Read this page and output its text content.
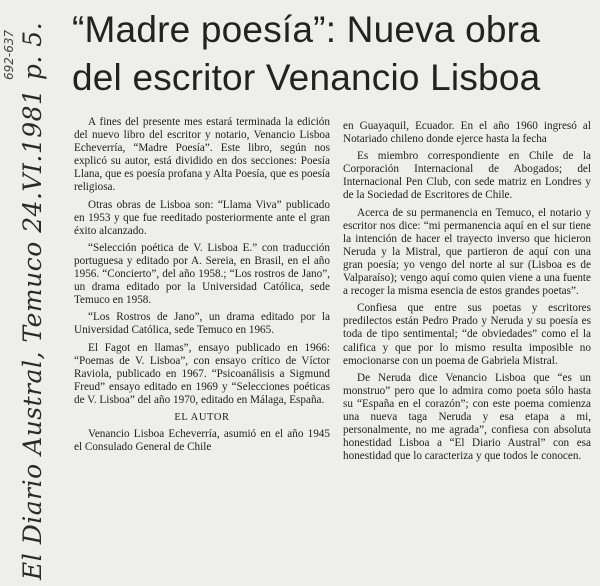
692-637 El Diario Austral, Temuco 24.VI.1981 p. 5. “Madre poesía”: Nueva obra
del escritor Venancio Lisboa

A fines del presente mes estará terminada la edición del nuevo libro del escritor y notario, Venancio Lisboa Echeverría, “Madre Poesía”. Este libro, según nos explicó su autor, está dividido en dos secciones: Poesía Llana, que es poesía profana y Alta Poesía, que es poesía religiosa.

Otras obras de Lisboa son: “Llama Viva” publicado en 1953 y que fue reeditado posteriormente ante el gran éxito alcanzado.

“Selección poética de V. Lisboa E.” con traducción portuguesa y editado por A. Sereia, en Brasil, en el año 1956. “Concierto”, del año 1958.; “Los rostros de Jano”, un drama editado por la Universidad Católica, sede Temuco en 1958.

“Los Rostros de Jano”, un drama editado por la Universidad Católica, sede Temuco en 1965.

El Fagot en llamas”, ensayo publicado en 1966: “Poemas de V. Lisboa”, con ensayo crítico de Víctor Raviola, publicado en 1967. “Psicoanálisis a Sigmund Freud” ensayo editado en 1969 y “Selecciones poéticas de V. Lisboa” del año 1970, editado en Málaga, España.

EL AUTOR

Venancio Lisboa Echeverría, asumió en el año 1945 el Consulado General de Chile

en Guayaquil, Ecuador. En el año 1960 ingresó al Notariado chileno donde ejerce hasta la fecha

Es miembro correspondiente en Chile de la Corporación Internacional de Abogados; del Internacional Pen Club, con sede matriz en Londres y de la Sociedad de Escritores de Chile.

Acerca de su permanencia en Temuco, el notario y escritor nos dice: “mi permanencia aquí en el sur tiene la intención de hacer el trayecto inverso que hicieron Neruda y la Mistral, que partieron de aquí con una gran poesía; yo vengo del norte al sur (Lisboa es de Valparaíso); vengo aquí como quien viene a una fuente a recoger la misma esencia de estos grandes poetas”.

Confiesa que entre sus poetas y escritores predilectos están Pedro Prado y Neruda y su poesía es toda de tipo sentimental; “de obviedades” como el la califica y que por lo mismo resulta imposible no emocionarse con un poema de Gabriela Mistral.

De Neruda dice Venancio Lisboa que “es un monstruo” pero que lo admira como poeta sólo hasta su “España en el corazón”; con este poema comienza una nueva taga Neruda y esa etapa a mi, personalmente, no me agrada”, confiesa con absoluta honestidad Lisboa a “El Diario Austral” con esa honestidad que lo caracteriza y que todos le conocen.
